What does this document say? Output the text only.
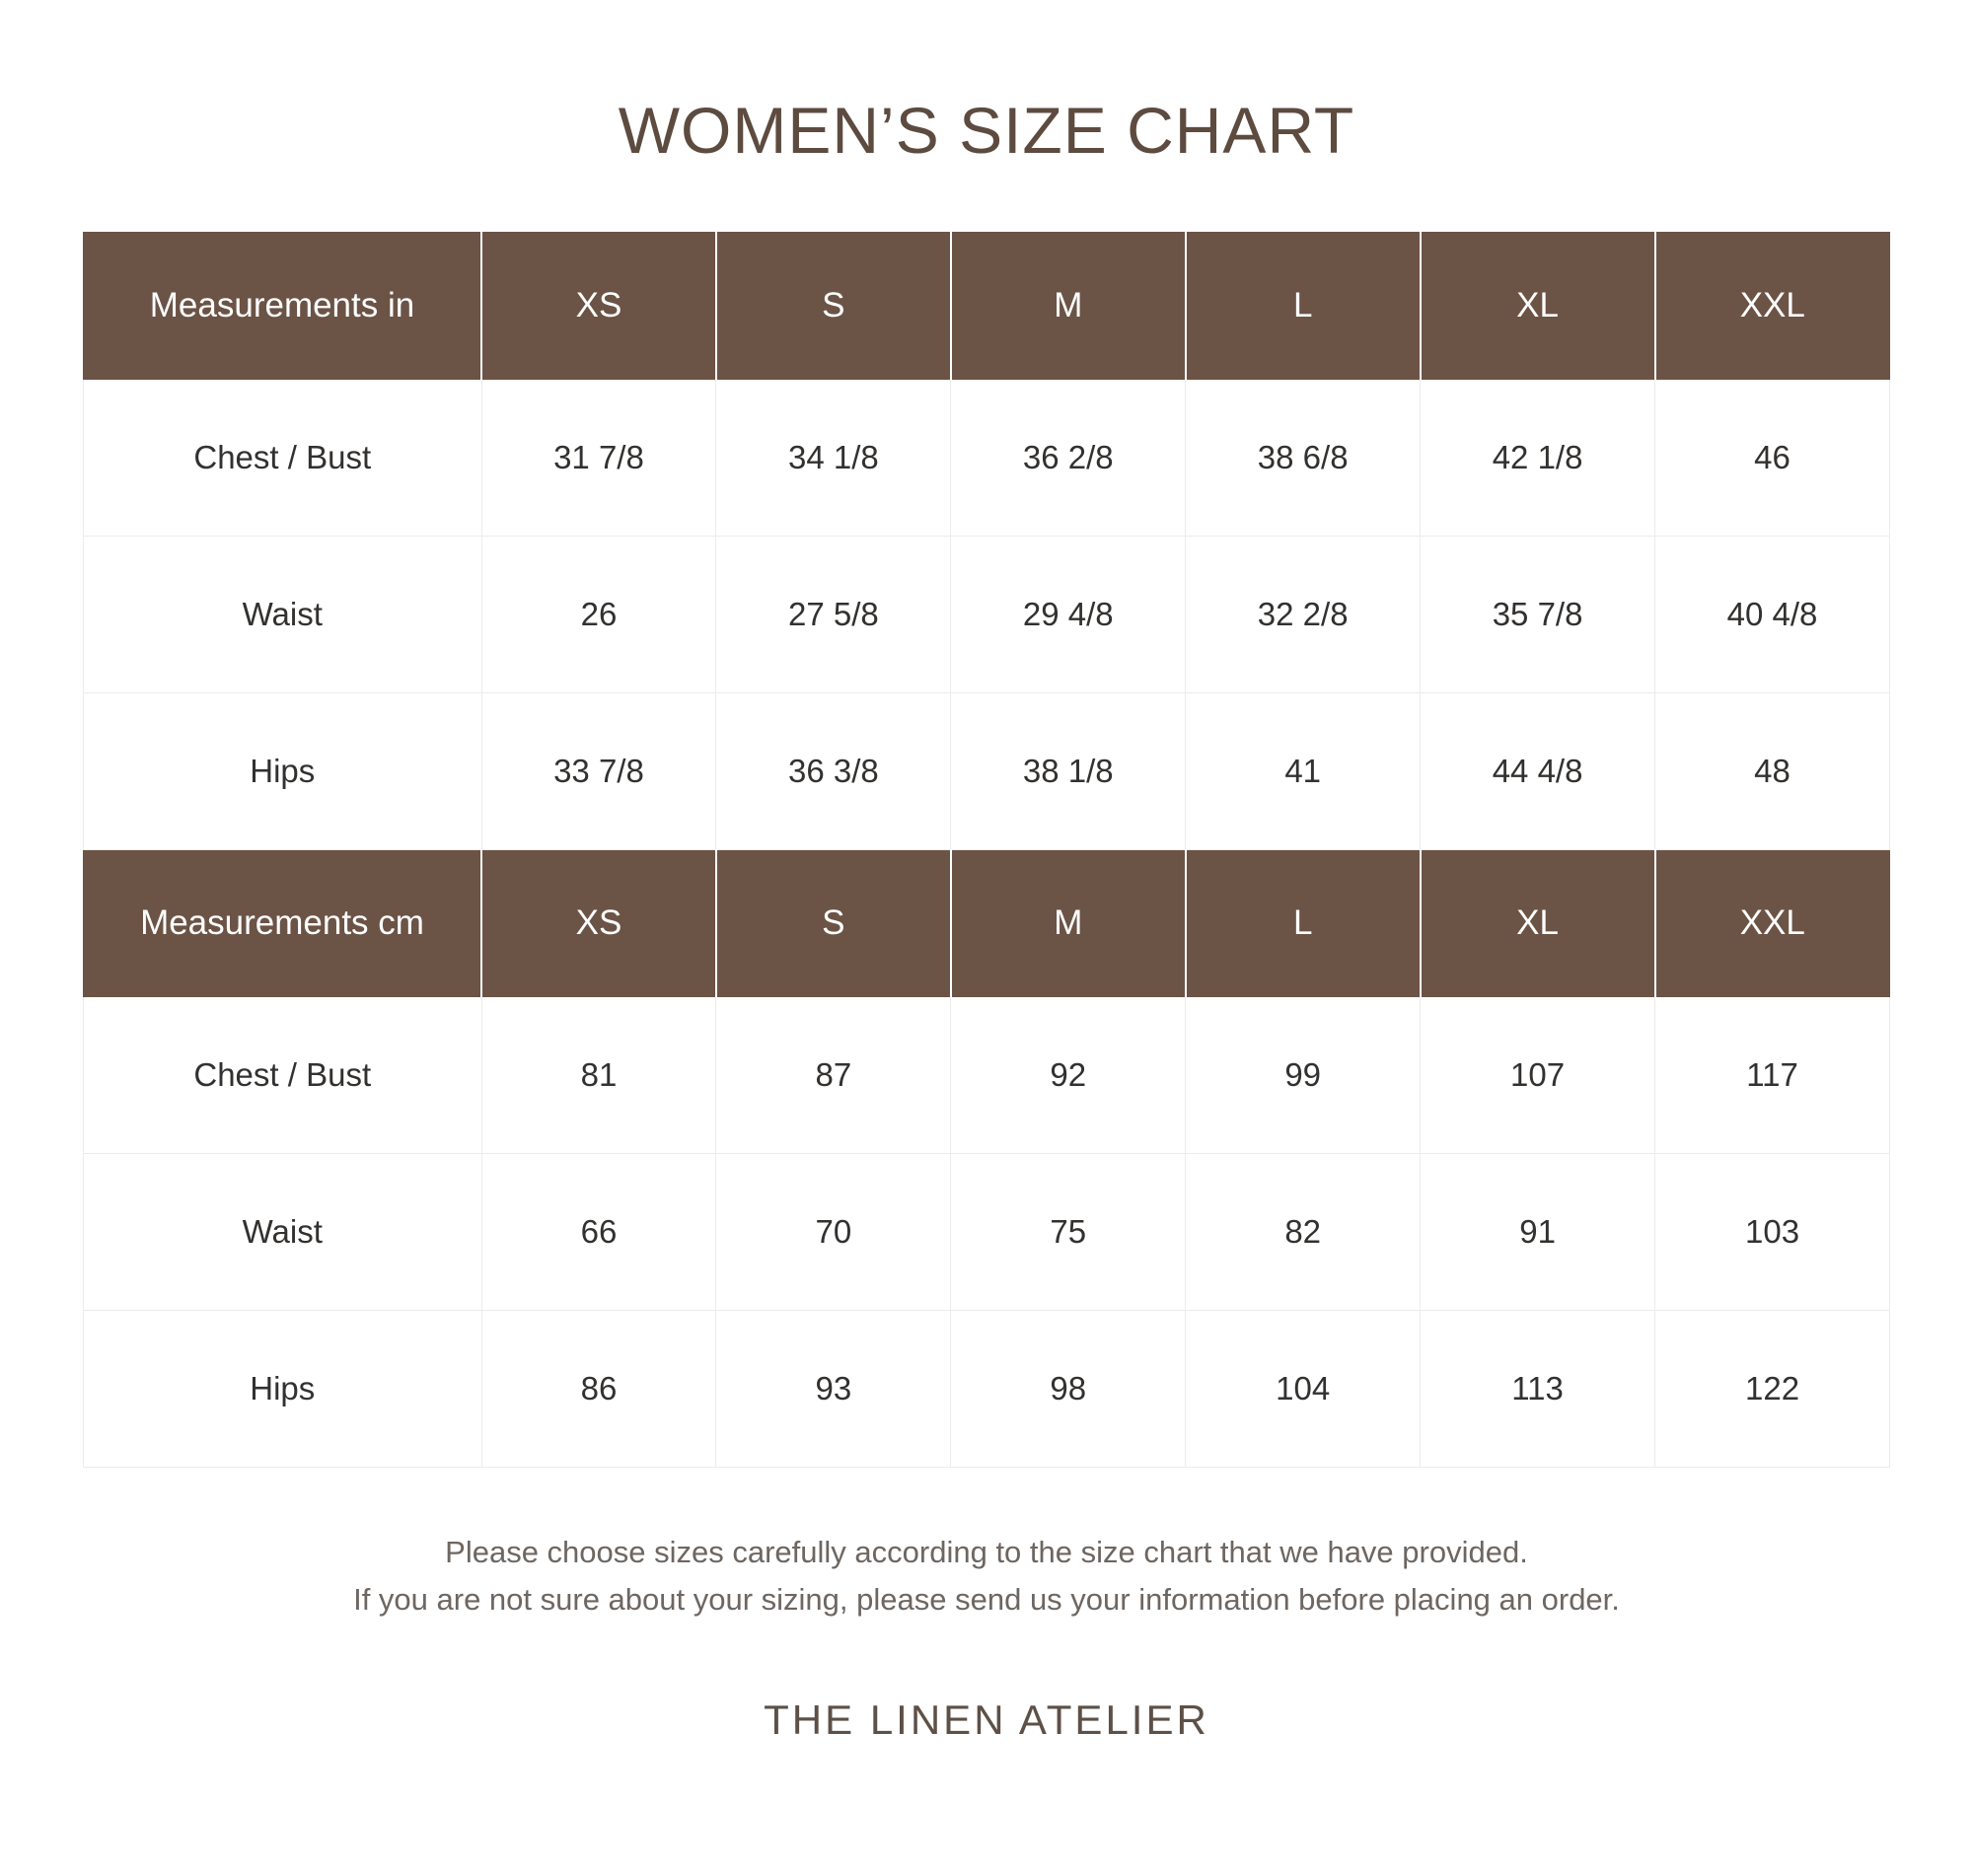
WOMEN’S SIZE CHART
Measurements in	XS	S	M	L	XL	XXL
Chest / Bust	31 7/8	34 1/8	36 2/8	38 6/8	42 1/8	46
Waist	26	27 5/8	29 4/8	32 2/8	35 7/8	40 4/8
Hips	33 7/8	36 3/8	38 1/8	41	44 4/8	48
Measurements cm	XS	S	M	L	XL	XXL
Chest / Bust	81	87	92	99	107	117
Waist	66	70	75	82	91	103
Hips	86	93	98	104	113	122
Please choose sizes carefully according to the size chart that we have provided.
If you are not sure about your sizing, please send us your information before placing an order.
THE LINEN ATELIER
